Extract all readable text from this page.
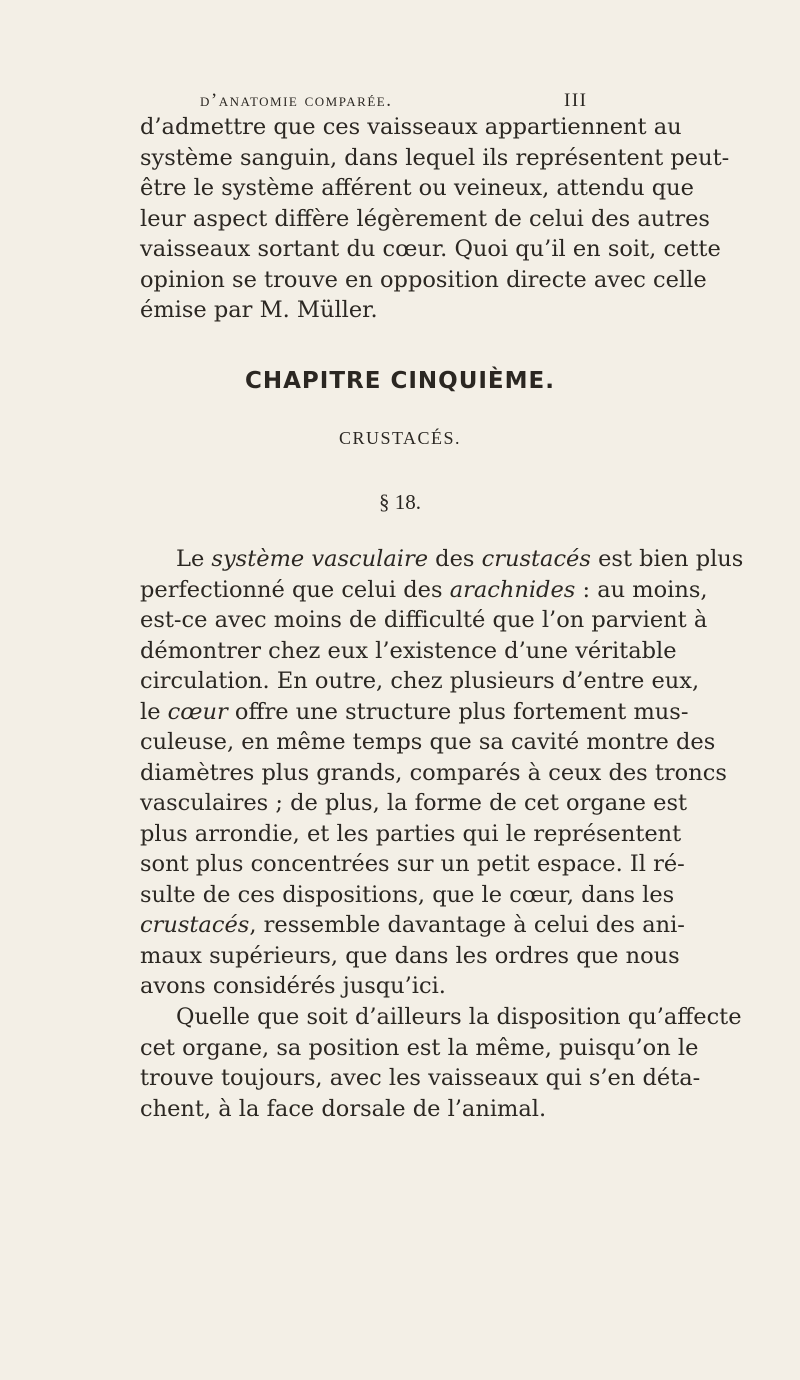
d’anatomie comparée.	III
d’admettre que ces vaisseaux appartiennent au
système sanguin, dans lequel ils représentent peut-
être le système afférent ou veineux, attendu que
leur aspect diffère légèrement de celui des autres
vaisseaux sortant du cœur. Quoi qu’il en soit, cette
opinion se trouve en opposition directe avec celle
émise par M. Müller.
CHAPITRE CINQUIÈME.
CRUSTACÉS.
§ 18.
Le système vasculaire des crustacés est bien plus
perfectionné que celui des arachnides : au moins,
est-ce avec moins de difficulté que l’on parvient à
démontrer chez eux l’existence d’une véritable
circulation. En outre, chez plusieurs d’entre eux,
le cœur offre une structure plus fortement mus-
culeuse, en même temps que sa cavité montre des
diamètres plus grands, comparés à ceux des troncs
vasculaires ; de plus, la forme de cet organe est
plus arrondie, et les parties qui le représentent
sont plus concentrées sur un petit espace. Il ré-
sulte de ces dispositions, que le cœur, dans les
crustacés, ressemble davantage à celui des ani-
maux supérieurs, que dans les ordres que nous
avons considérés jusqu’ici.
Quelle que soit d’ailleurs la disposition qu’affecte
cet organe, sa position est la même, puisqu’on le
trouve toujours, avec les vaisseaux qui s’en déta-
chent, à la face dorsale de l’animal.
